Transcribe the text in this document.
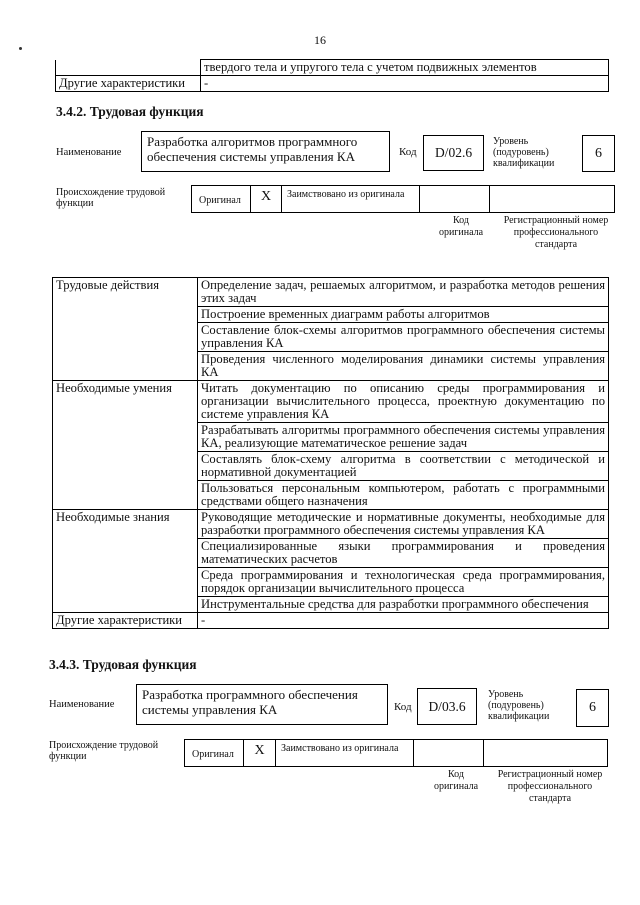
16
	твердого тела и упругого тела с учетом подвижных элементов
Другие характеристики	-
3.4.2. Трудовая функция
Наименование
Разработка алгоритмов программного обеспечения системы управления КА	Код	D/02.6
Уровень (подуровень) квалификации
6
Происхождение трудовой функции	Оригинал	X	Заимствовано из оригинала
Код оригинала
Регистрационный номер профессионального стандарта
Трудовые действия	Определение задач, решаемых алгоритмом, и разработка методов решения этих задач
	Построение временных диаграмм работы алгоритмов
	Составление блок-схемы алгоритмов программного обеспечения системы управления КА
	Проведения численного моделирования динамики системы управления КА
Необходимые умения	Читать документацию по описанию среды программирования и организации вычислительного процесса, проектную документацию по системе управления КА
	Разрабатывать алгоритмы программного обеспечения системы управления КА, реализующие математическое решение задач
	Составлять блок-схему алгоритма в соответствии с методической и нормативной документацией
	Пользоваться персональным компьютером, работать с программными средствами общего назначения
Необходимые знания	Руководящие методические и нормативные документы, необходимые для разработки программного обеспечения системы управления КА
	Специализированные языки программирования и проведения математических расчетов
	Среда программирования и технологическая среда программирования, порядок организации вычислительного процесса
	Инструментальные средства для разработки программного обеспечения
Другие характеристики	-
3.4.3. Трудовая функция
Наименование
Разработка программного обеспечения системы управления КА	Код	D/03.6
Уровень (подуровень) квалификации
6
Происхождение трудовой функции	Оригинал	X	Заимствовано из оригинала
Код оригинала
Регистрационный номер профессионального стандарта
